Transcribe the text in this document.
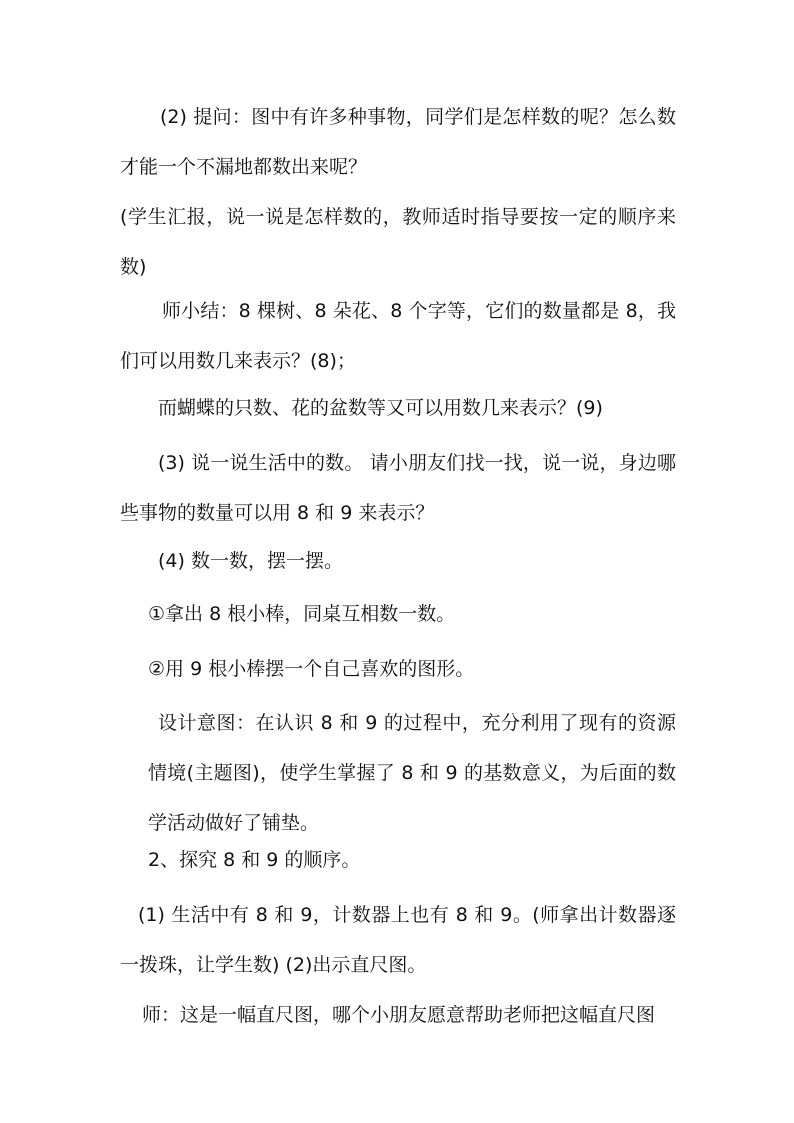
(2) 提问：图中有许多种事物，同学们是怎样数的呢？怎么数才能一个不漏地都数出来呢？

(学生汇报，说一说是怎样数的，教师适时指导要按一定的顺序来数)

师小结：8 棵树、8 朵花、8 个字等，它们的数量都是 8，我们可以用数几来表示？(8)；

而蝴蝶的只数、花的盆数等又可以用数几来表示？(9)

(3) 说一说生活中的数。 请小朋友们找一找，说一说，身边哪些事物的数量可以用 8 和 9 来表示？

(4) 数一数，摆一摆。

①拿出 8 根小棒，同桌互相数一数。

②用 9 根小棒摆一个自己喜欢的图形。

设计意图：在认识 8 和 9 的过程中，充分利用了现有的资源情境(主题图)，使学生掌握了 8 和 9 的基数意义，为后面的数学活动做好了铺垫。

2、探究 8 和 9 的顺序。

(1) 生活中有 8 和 9，计数器上也有 8 和 9。(师拿出计数器逐一拨珠，让学生数) (2)出示直尺图。

师：这是一幅直尺图，哪个小朋友愿意帮助老师把这幅直尺图
